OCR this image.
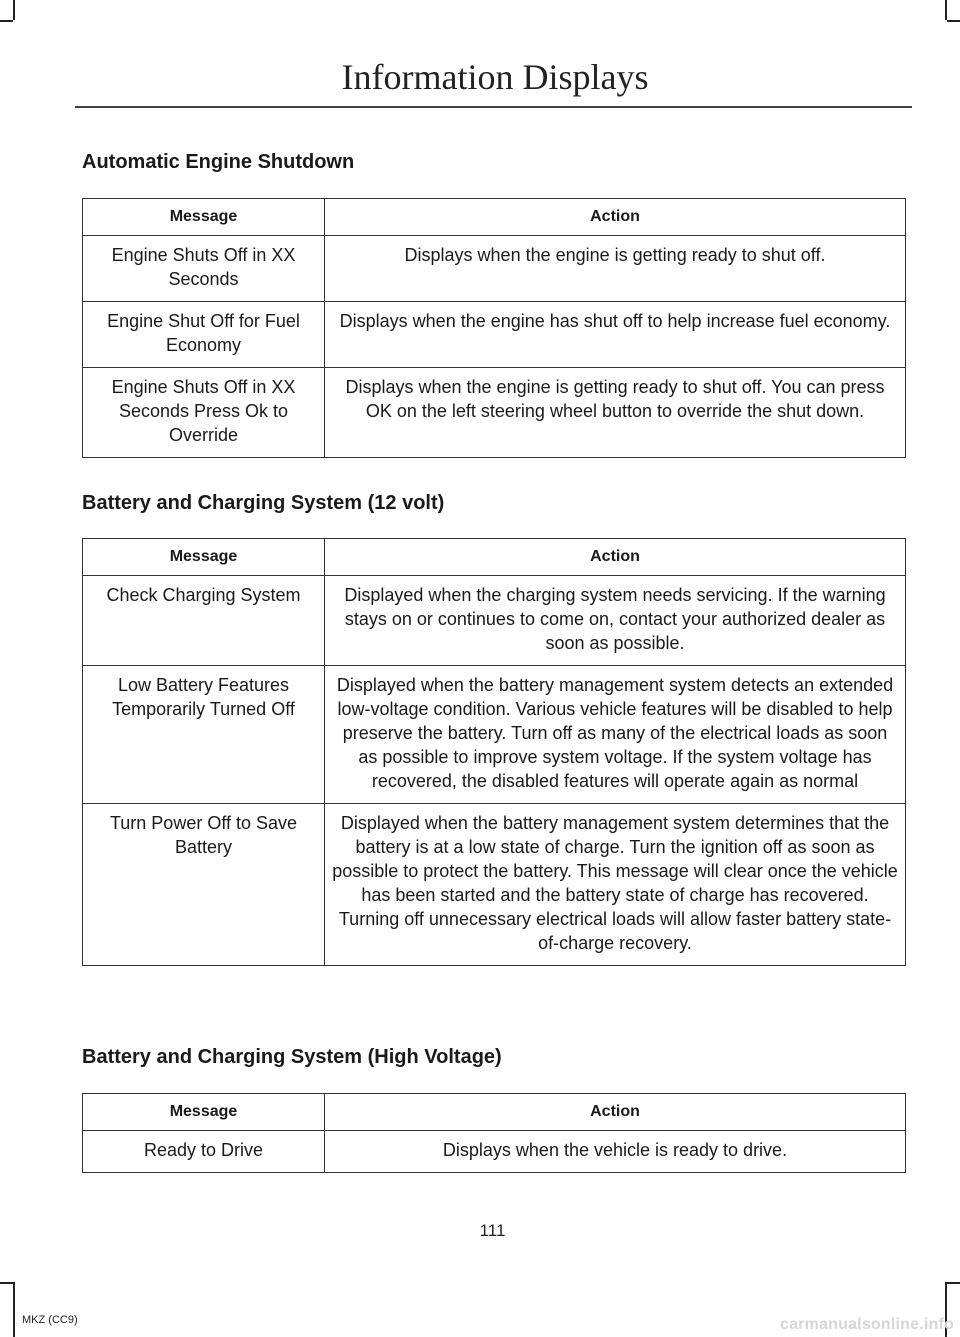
Information Displays
Automatic Engine Shutdown
Message	Action
Engine Shuts Off in XX Seconds	Displays when the engine is getting ready to shut off.
Engine Shut Off for Fuel Economy	Displays when the engine has shut off to help increase fuel economy.
Engine Shuts Off in XX Seconds Press Ok to Override	Displays when the engine is getting ready to shut off. You can press OK on the left steering wheel button to override the shut down.
Battery and Charging System (12 volt)
Message	Action
Check Charging System	Displayed when the charging system needs servicing. If the warning stays on or continues to come on, contact your authorized dealer as soon as possible.
Low Battery Features Temporarily Turned Off	Displayed when the battery management system detects an extended low-voltage condition. Various vehicle features will be disabled to help preserve the battery. Turn off as many of the electrical loads as soon as possible to improve system voltage. If the system voltage has recovered, the disabled features will operate again as normal
Turn Power Off to Save Battery	Displayed when the battery management system determines that the battery is at a low state of charge. Turn the ignition off as soon as possible to protect the battery. This message will clear once the vehicle has been started and the battery state of charge has recovered. Turning off unnecessary electrical loads will allow faster battery state-of-charge recovery.
Battery and Charging System (High Voltage)
Message	Action
Ready to Drive	Displays when the vehicle is ready to drive.
111
MKZ (CC9)	carmanualsonline.info
